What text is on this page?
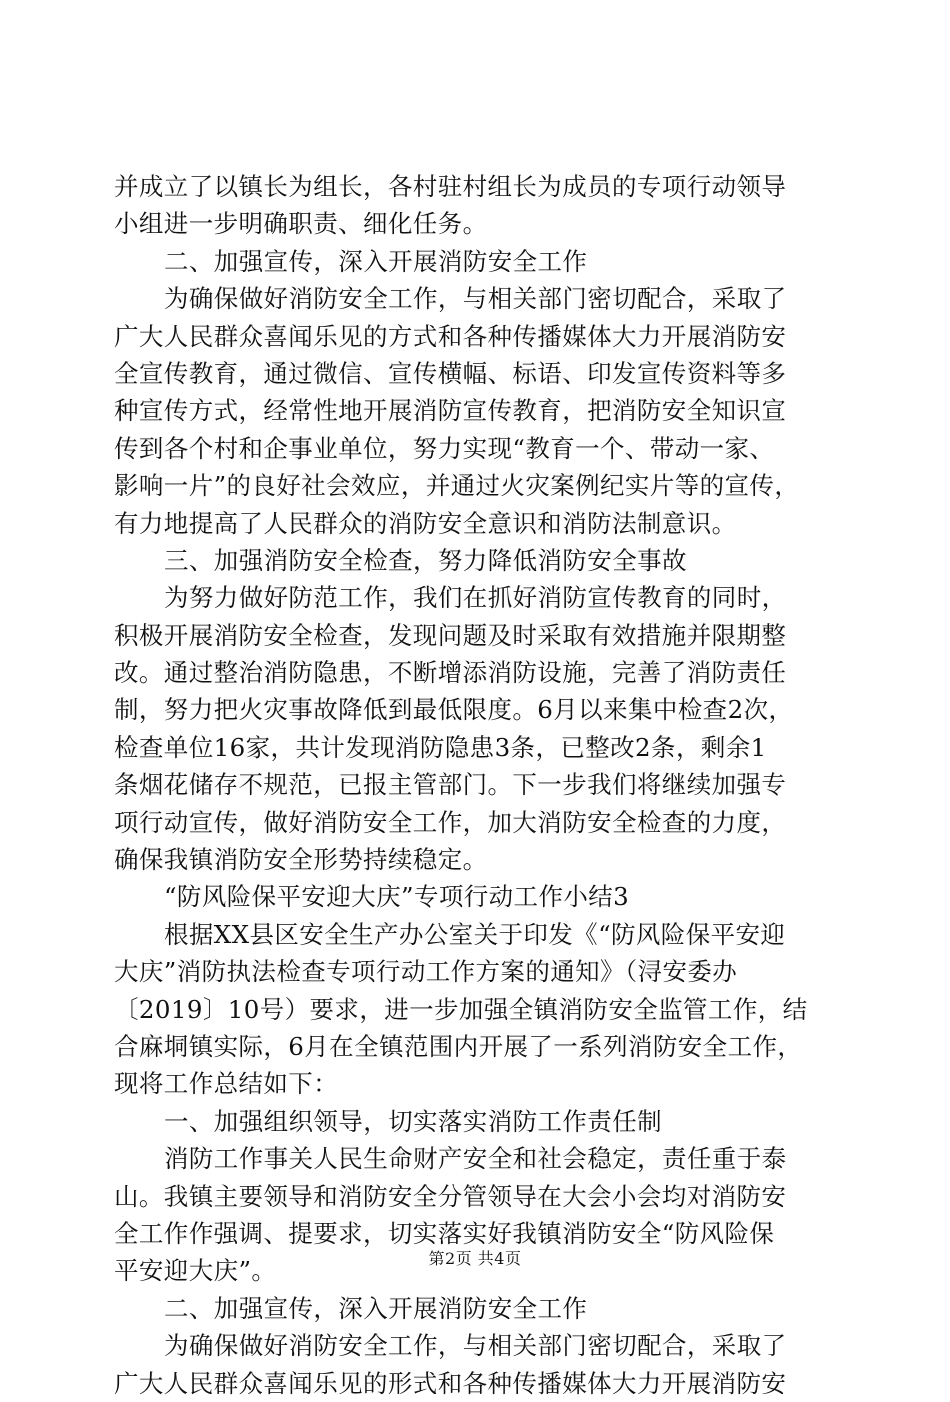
并成立了以镇长为组长，各村驻村组长为成员的专项行动领导
小组进一步明确职责、细化任务。
二、加强宣传，深入开展消防安全工作
为确保做好消防安全工作，与相关部门密切配合，采取了
广大人民群众喜闻乐见的方式和各种传播媒体大力开展消防安
全宣传教育，通过微信、宣传横幅、标语、印发宣传资料等多
种宣传方式，经常性地开展消防宣传教育，把消防安全知识宣
传到各个村和企事业单位，努力实现“教育一个、带动一家、
影响一片”的良好社会效应，并通过火灾案例纪实片等的宣传，
有力地提高了人民群众的消防安全意识和消防法制意识。
三、加强消防安全检查，努力降低消防安全事故
为努力做好防范工作，我们在抓好消防宣传教育的同时，
积极开展消防安全检查，发现问题及时采取有效措施并限期整
改。通过整治消防隐患，不断增添消防设施，完善了消防责任
制，努力把火灾事故降低到最低限度。6月以来集中检查2次，
检查单位16家，共计发现消防隐患3条，已整改2条，剩余1
条烟花储存不规范，已报主管部门。下一步我们将继续加强专
项行动宣传，做好消防安全工作，加大消防安全检查的力度，
确保我镇消防安全形势持续稳定。
“防风险保平安迎大庆”专项行动工作小结3
根据XX县区安全生产办公室关于印发《“防风险保平安迎
大庆”消防执法检查专项行动工作方案的通知》（浔安委办
〔2019〕10号）要求，进一步加强全镇消防安全监管工作，结
合麻垌镇实际，6月在全镇范围内开展了一系列消防安全工作，
现将工作总结如下：
一、加强组织领导，切实落实消防工作责任制
消防工作事关人民生命财产安全和社会稳定，责任重于泰
山。我镇主要领导和消防安全分管领导在大会小会均对消防安
全工作作强调、提要求，切实落实好我镇消防安全“防风险保
平安迎大庆”。
二、加强宣传，深入开展消防安全工作
为确保做好消防安全工作，与相关部门密切配合，采取了
广大人民群众喜闻乐见的形式和各种传播媒体大力开展消防安
第2页 共4页
